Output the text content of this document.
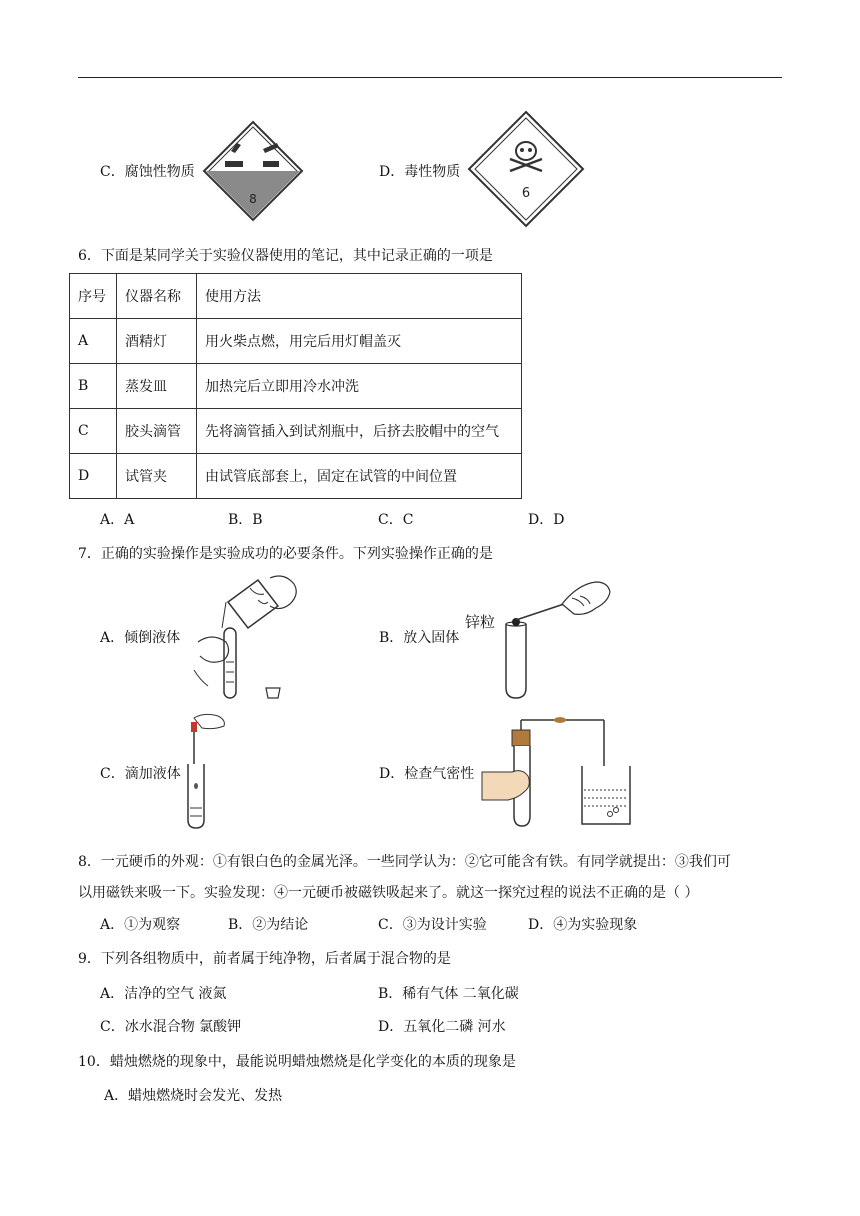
C．腐蚀性物质
8
D．毒性物质
6
6．下面是某同学关于实验仪器使用的笔记，其中记录正确的一项是
序号	仪器名称	使用方法
A	酒精灯	用火柴点燃，用完后用灯帽盖灭
B	蒸发皿	加热完后立即用冷水冲洗
C	胶头滴管	先将滴管插入到试剂瓶中，后挤去胶帽中的空气
D	试管夹	由试管底部套上，固定在试管的中间位置
A．A	B．B	C．C	D．D
7．正确的实验操作是实验成功的必要条件。下列实验操作正确的是
A．倾倒液体	B．放入固体
锌粒
C．滴加液体	D．检查气密性
8．一元硬币的外观：①有银白色的金属光泽。一些同学认为：②它可能含有铁。有同学就提出：③我们可
以用磁铁来吸一下。实验发现：④一元硬币被磁铁吸起来了。就这一探究过程的说法不正确的是（ ）
A．①为观察	B．②为结论	C．③为设计实验	D．④为实验现象
9．下列各组物质中，前者属于纯净物，后者属于混合物的是
A．洁净的空气 液氮	B．稀有气体 二氧化碳
C．冰水混合物 氯酸钾	D．五氧化二磷 河水
10．蜡烛燃烧的现象中，最能说明蜡烛燃烧是化学变化的本质的现象是
A．蜡烛燃烧时会发光、发热
